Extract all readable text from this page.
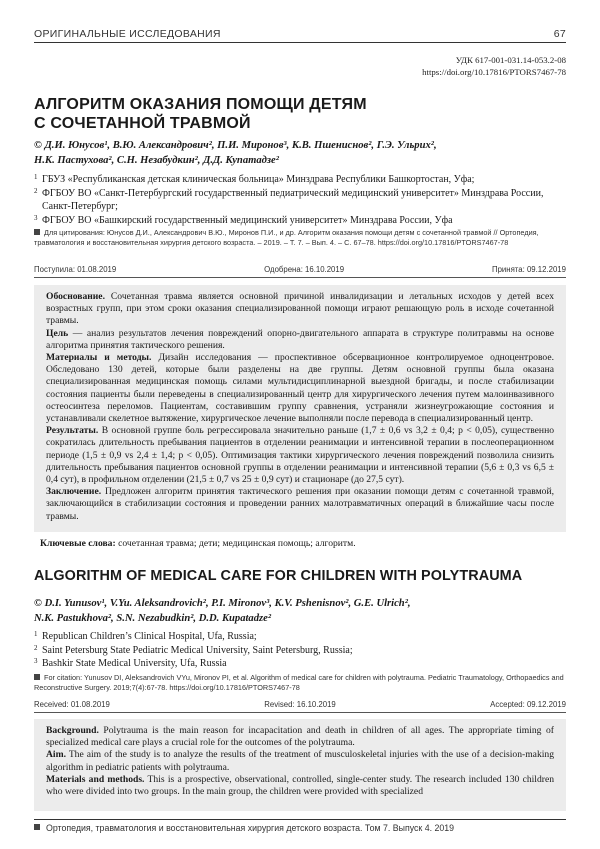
ОРИГИНАЛЬНЫЕ ИССЛЕДОВАНИЯ	67
УДК 617-001-031.14-053.2-08
https://doi.org/10.17816/PTORS7467-78
АЛГОРИТМ ОКАЗАНИЯ ПОМОЩИ ДЕТЯМ
С СОЧЕТАННОЙ ТРАВМОЙ
© Д.И. Юнусов¹, В.Ю. Александрович², П.И. Миронов³, К.В. Пшениснов², Г.Э. Ульрих²,
Н.К. Пастухова², С.Н. Незабудкин², Д.Д. Купатадзе²
1 ГБУЗ «Республиканская детская клиническая больница» Минздрава Республики Башкортостан, Уфа;
2 ФГБОУ ВО «Санкт-Петербургский государственный педиатрический медицинский университет» Минздрава России, Санкт-Петербург;
3 ФГБОУ ВО «Башкирский государственный медицинский университет» Минздрава России, Уфа
Для цитирования: Юнусов Д.И., Александрович В.Ю., Миронов П.И., и др. Алгоритм оказания помощи детям с сочетанной травмой // Ортопедия, травматология и восстановительная хирургия детского возраста. – 2019. – Т. 7. – Вып. 4. – С. 67–78. https://doi.org/10.17816/PTORS7467-78
Поступила: 01.08.2019	Одобрена: 16.10.2019	Принята: 09.12.2019

Обоснование. Сочетанная травма является основной причиной инвалидизации и летальных исходов у детей всех возрастных групп, при этом сроки оказания специализированной помощи играют решающую роль в исходе сочетанной травмы.

Цель — анализ результатов лечения повреждений опорно-двигательного аппарата в структуре политравмы на основе алгоритма принятия тактического решения.

Материалы и методы. Дизайн исследования — проспективное обсервационное контролируемое одноцентровое. Обследовано 130 детей, которые были разделены на две группы. Детям основной группы была оказана специализированная медицинская помощь силами мультидисциплинарной выездной бригады, и после стабилизации состояния пациенты были переведены в специализированный центр для хирургического лечения путем малоинвазивного остеосинтеза переломов. Пациентам, составившим группу сравнения, устраняли жизнеугрожающие состояния и устанавливали скелетное вытяжение, хирургическое лечение выполняли после перевода в специализированный центр.

Результаты. В основной группе боль регрессировала значительно раньше (1,7 ± 0,6 vs 3,2 ± 0,4; p < 0,05), существенно сократилась длительность пребывания пациентов в отделении реанимации и интенсивной терапии в послеоперационном периоде (1,5 ± 0,9 vs 2,4 ± 1,4; p < 0,05). Оптимизация тактики хирургического лечения повреждений позволила снизить длительность пребывания пациентов основной группы в отделении реанимации и интенсивной терапии (5,6 ± 0,3 vs 6,5 ± 0,4 сут), в профильном отделении (21,5 ± 0,7 vs 25 ± 0,9 сут) и стационаре (до 27,5 сут).

Заключение. Предложен алгоритм принятия тактического решения при оказании помощи детям с сочетанной травмой, заключающийся в стабилизации состояния и проведении ранних малотравматичных операций в ближайшие часы после травмы.

Ключевые слова: сочетанная травма; дети; медицинская помощь; алгоритм.
ALGORITHM OF MEDICAL CARE FOR CHILDREN WITH POLYTRAUMA
© D.I. Yunusov¹, V.Yu. Aleksandrovich², P.I. Mironov³, K.V. Pshenisnov², G.E. Ulrich²,
N.K. Pastukhova², S.N. Nezabudkin², D.D. Kupatadze²
1 Republican Children’s Clinical Hospital, Ufa, Russia;
2 Saint Petersburg State Pediatric Medical University, Saint Petersburg, Russia;
3 Bashkir State Medical University, Ufa, Russia
For citation: Yunusov DI, Aleksandrovich VYu, Mironov PI, et al. Algorithm of medical care for children with polytrauma. Pediatric Traumatology, Orthopaedics and Reconstructive Surgery. 2019;7(4):67-78. https://doi.org/10.17816/PTORS7467-78
Received: 01.08.2019	Revised: 16.10.2019	Accepted: 09.12.2019

Background. Polytrauma is the main reason for incapacitation and death in children of all ages. The appropriate timing of specialized medical care plays a crucial role for the outcomes of the polytrauma.

Aim. The aim of the study is to analyze the results of the treatment of musculoskeletal injuries with the use of a decision-making algorithm in pediatric patients with polytrauma.

Materials and methods. This is a prospective, observational, controlled, single-center study. The research included 130 children who were divided into two groups. In the main group, the children were provided with specialized

Ортопедия, травматология и восстановительная хирургия детского возраста. Том 7. Выпуск 4. 2019
